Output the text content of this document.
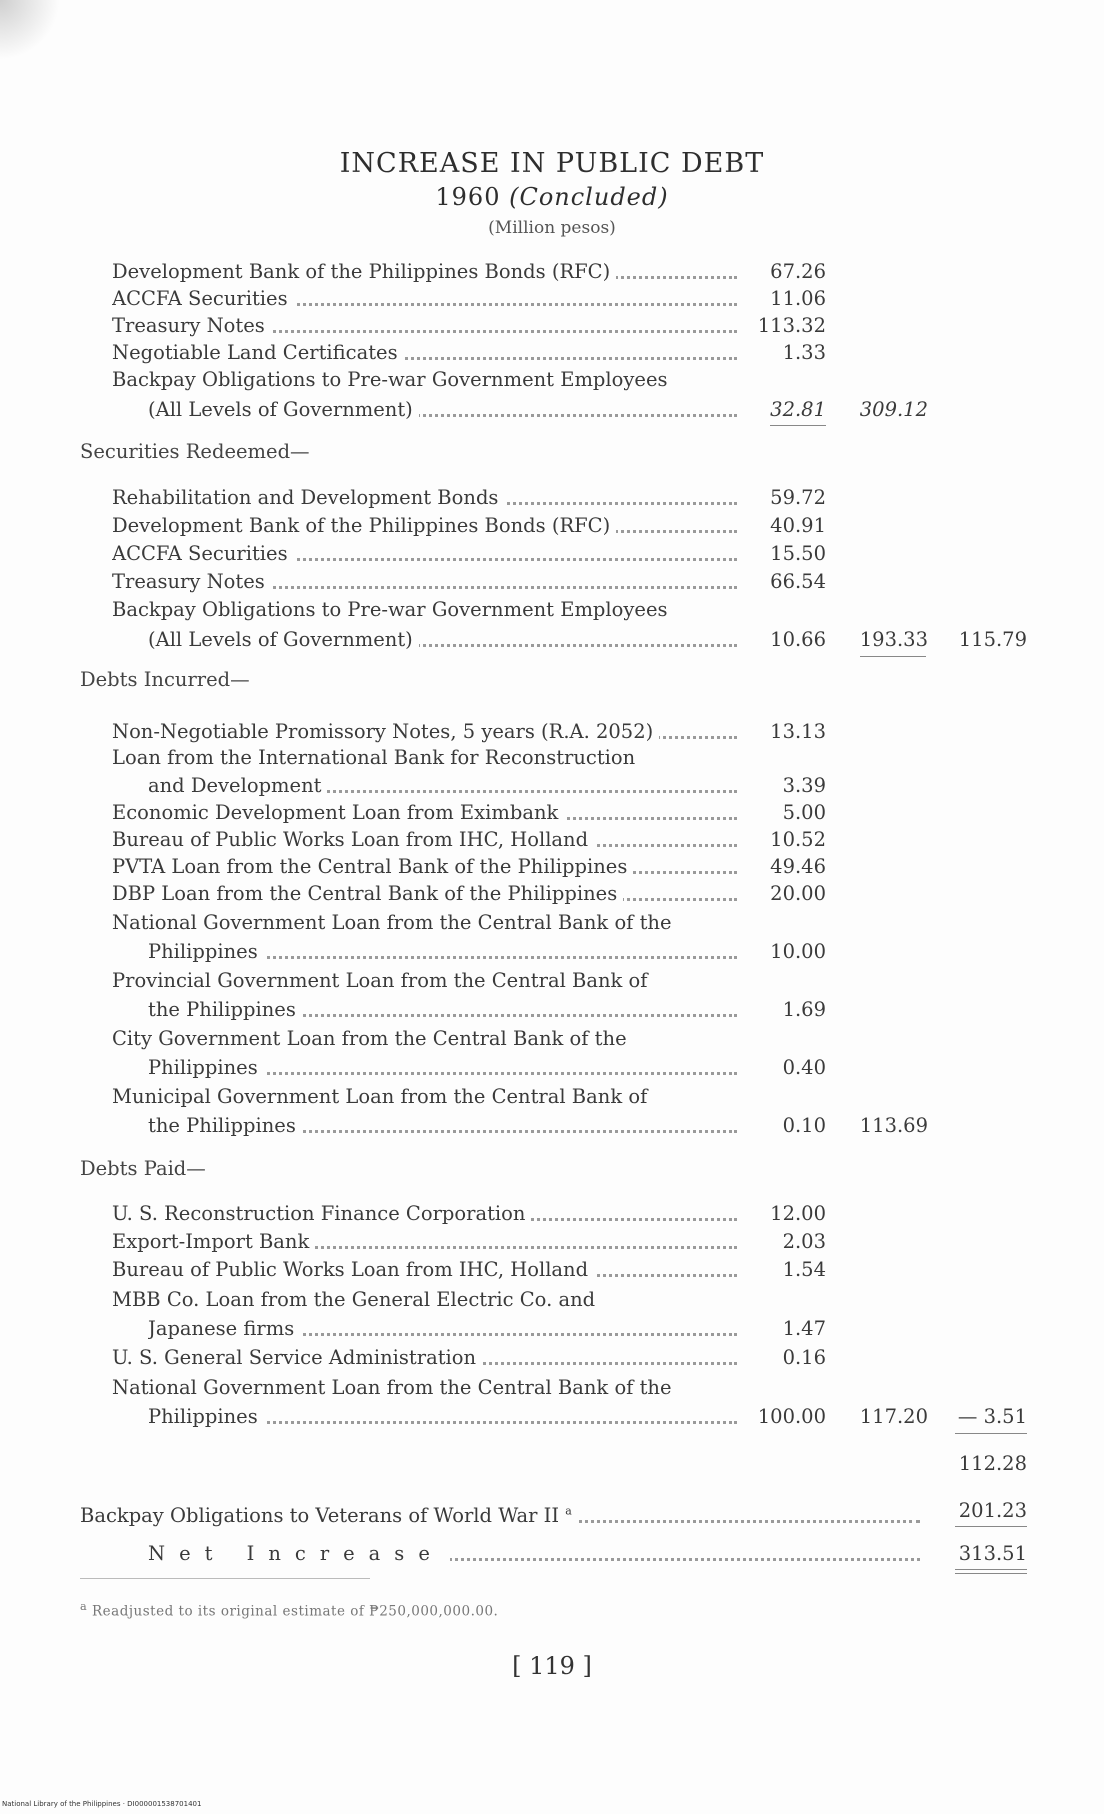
INCREASE IN PUBLIC DEBT
1960 (Concluded)
(Million pesos)
Development Bank of the Philippines Bonds (RFC)	67.26
ACCFA Securities	11.06
Treasury Notes	113.32
Negotiable Land Certificates	1.33
Backpay Obligations to Pre-war Government Employees
(All Levels of Government)	32.81	309.12
Securities Redeemed—
Rehabilitation and Development Bonds	59.72
Development Bank of the Philippines Bonds (RFC)	40.91
ACCFA Securities	15.50
Treasury Notes	66.54
Backpay Obligations to Pre-war Government Employees
(All Levels of Government)	10.66	193.33	115.79
Debts Incurred—
Non-Negotiable Promissory Notes, 5 years (R.A. 2052)	13.13
Loan from the International Bank for Reconstruction
and Development	3.39
Economic Development Loan from Eximbank	5.00
Bureau of Public Works Loan from IHC, Holland	10.52
PVTA Loan from the Central Bank of the Philippines	49.46
DBP Loan from the Central Bank of the Philippines	20.00
National Government Loan from the Central Bank of the
Philippines	10.00
Provincial Government Loan from the Central Bank of
the Philippines	1.69
City Government Loan from the Central Bank of the
Philippines	0.40
Municipal Government Loan from the Central Bank of
the Philippines	0.10	113.69
Debts Paid—
U. S. Reconstruction Finance Corporation	12.00
Export-Import Bank	2.03
Bureau of Public Works Loan from IHC, Holland	1.54
MBB Co. Loan from the General Electric Co. and
Japanese firms	1.47
U. S. General Service Administration	0.16
National Government Loan from the Central Bank of the
Philippines	100.00	117.20	— 3.51
112.28
Backpay Obligations to Veterans of World War II $^a$	201.23
Net Increase	313.51
$^a$ Readjusted to its original estimate of ₱250,000,000.00.
[ 119 ]
National Library of the Philippines · DI000001538701401
